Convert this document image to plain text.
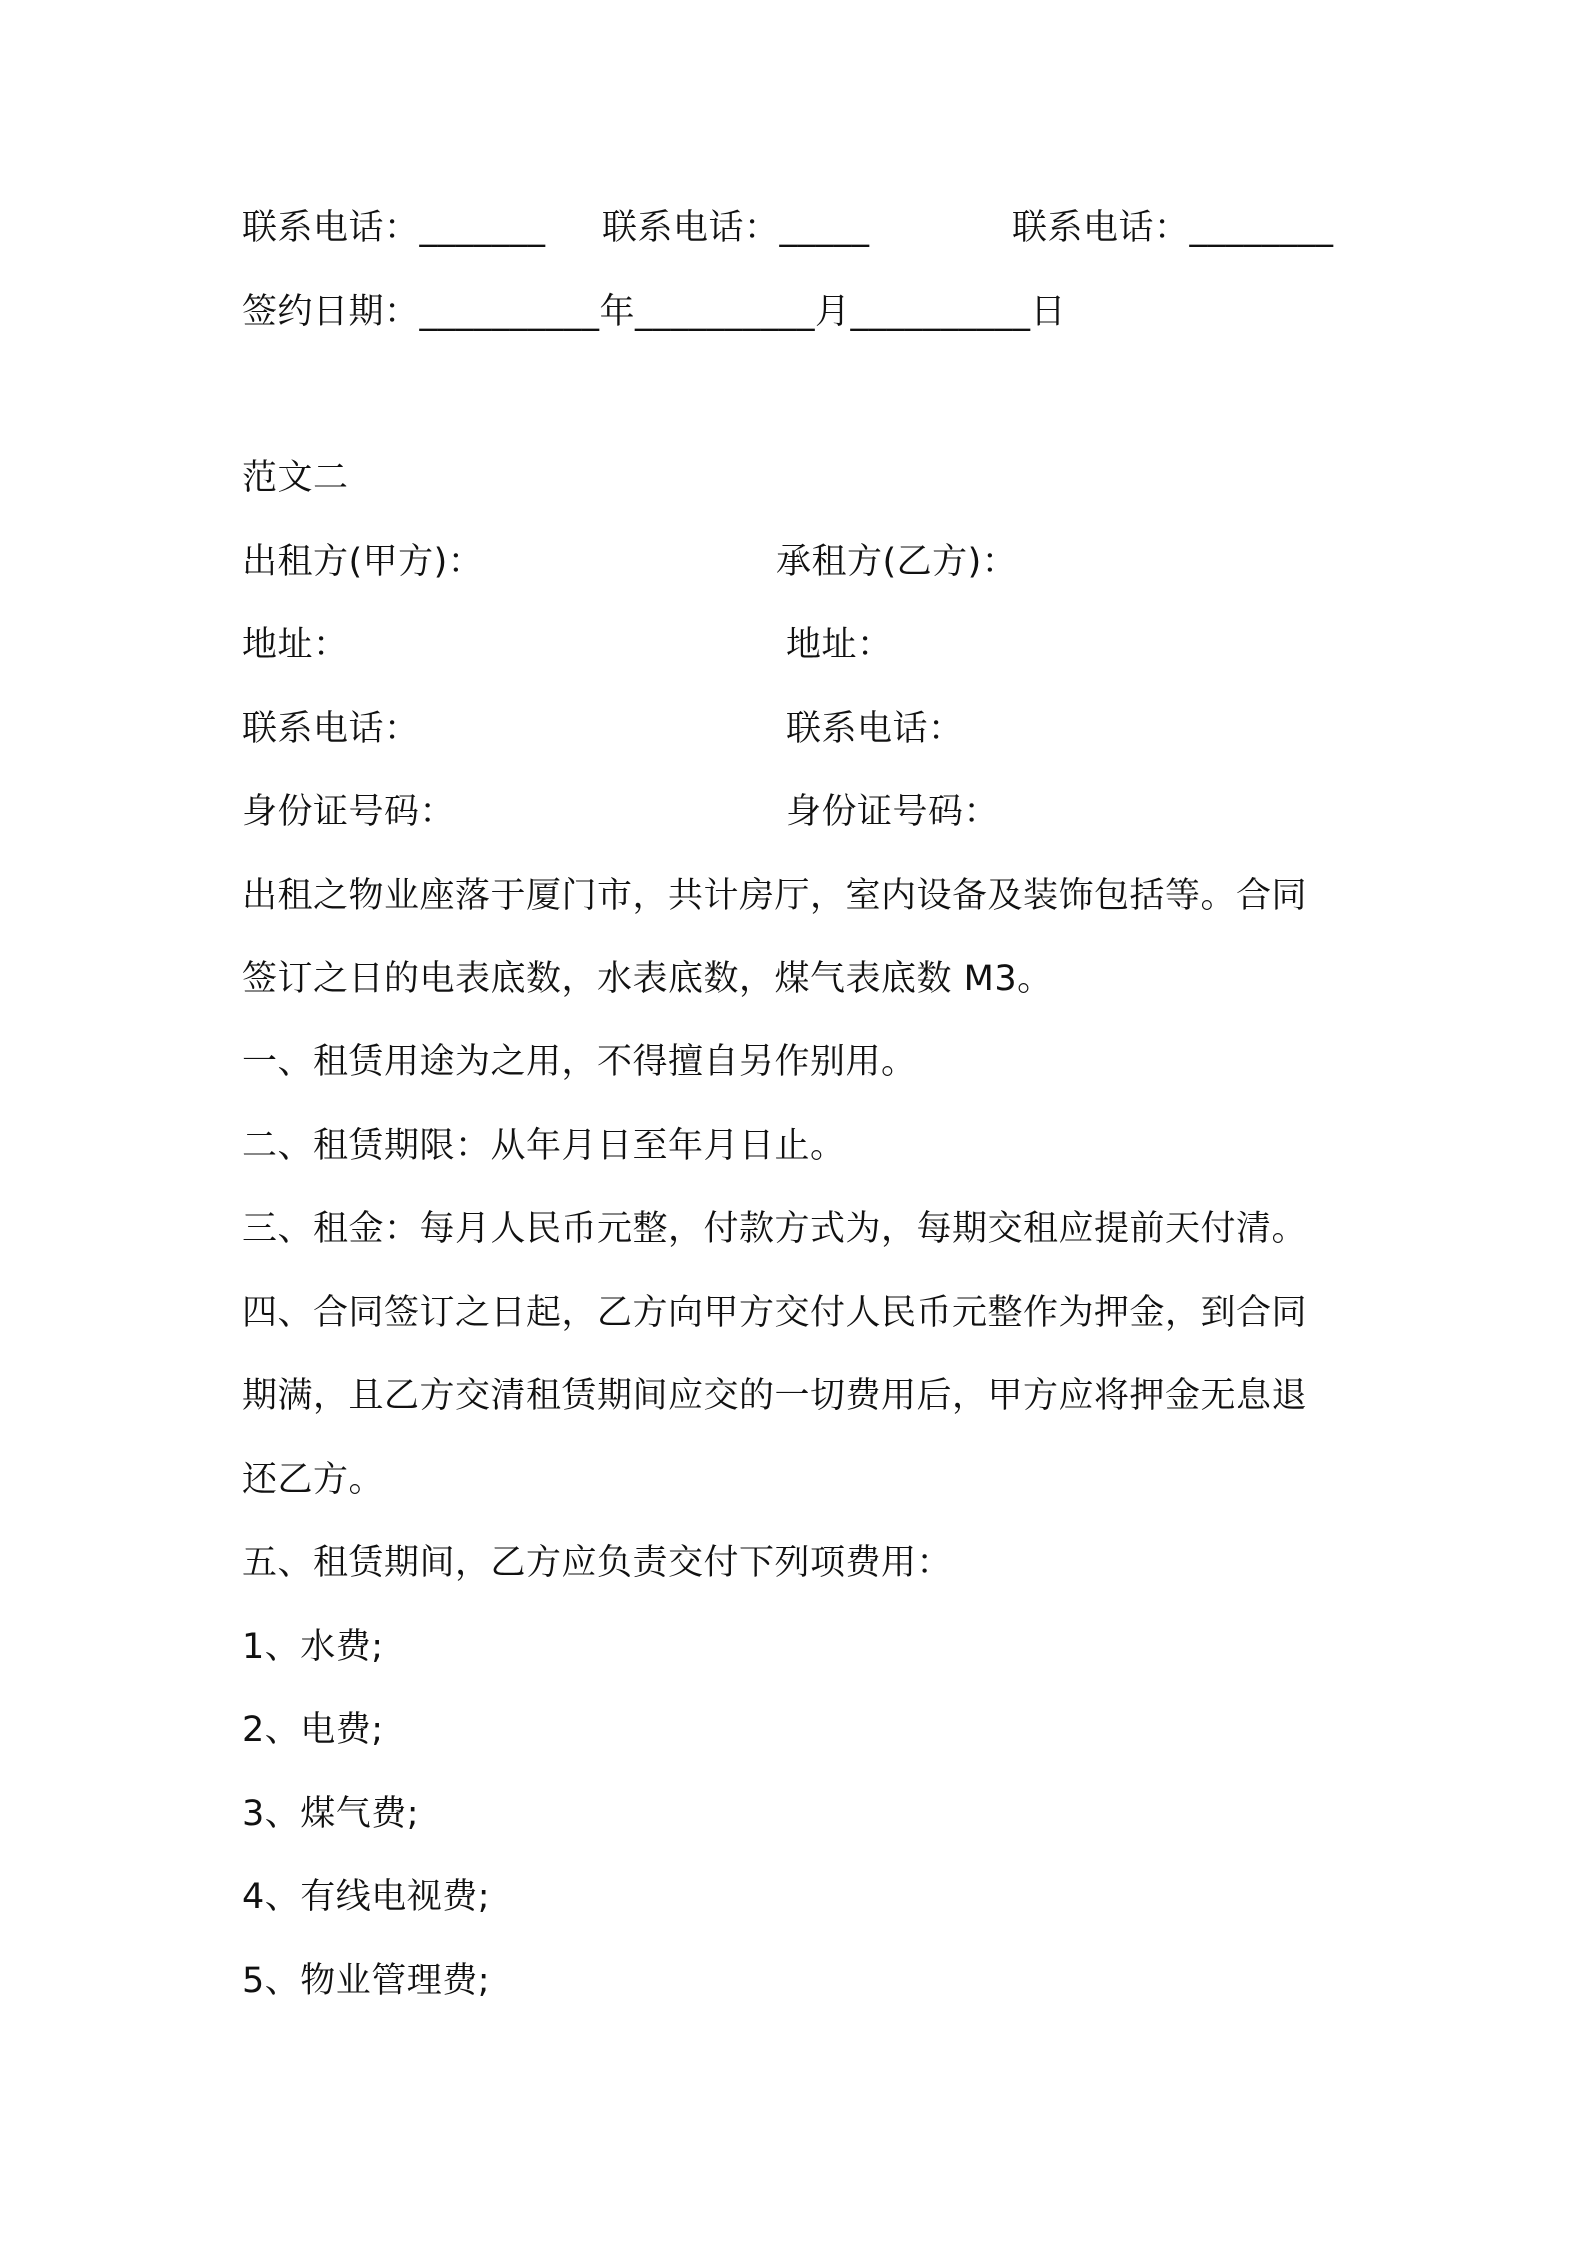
联系电话：_______ 联系电话：_____	联系电话：________
签约日期：__________年__________月__________日
范文二
出租方(甲方)：	承租方(乙方)：
地址：	地址：
联系电话：	联系电话：
身份证号码：	身份证号码：
出租之物业座落于厦门市，共计房厅，室内设备及装饰包括等。合同
签订之日的电表底数，水表底数，煤气表底数 M3。
一、租赁用途为之用，不得擅自另作别用。
二、租赁期限：从年月日至年月日止。
三、租金：每月人民币元整，付款方式为，每期交租应提前天付清。
四、合同签订之日起，乙方向甲方交付人民币元整作为押金，到合同
期满，且乙方交清租赁期间应交的一切费用后，甲方应将押金无息退
还乙方。
五、租赁期间，乙方应负责交付下列项费用：
1、水费;
2、电费;
3、煤气费;
4、有线电视费;
5、物业管理费;
